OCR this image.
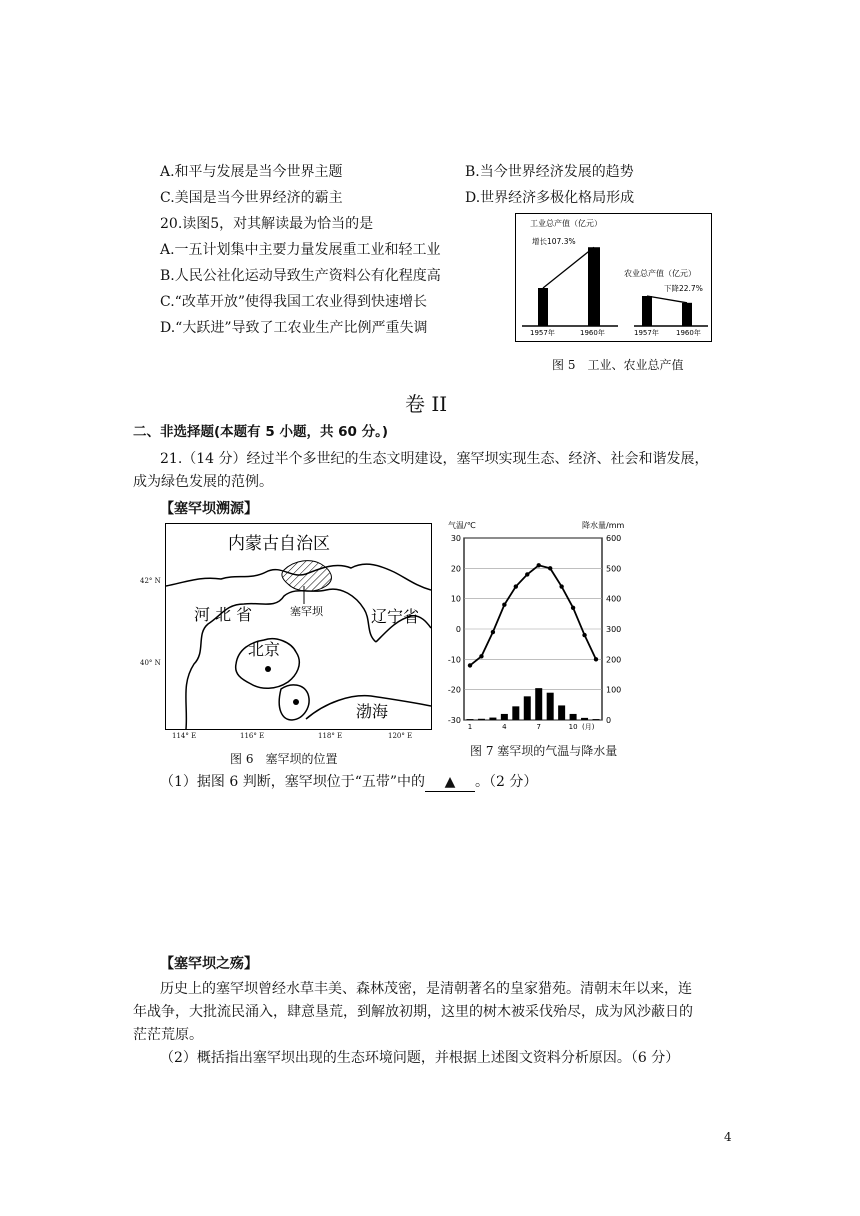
A.和平与发展是当今世界主题	B.当今世界经济发展的趋势
C.美国是当今世界经济的霸主	D.世界经济多极化格局形成
20.读图5，对其解读最为恰当的是
A.一五计划集中主要力量发展重工业和轻工业
B.人民公社化运动导致生产资料公有化程度高
C.“改革开放”使得我国工农业得到快速增长
D.“大跃进”导致了工农业生产比例严重失调
工业总产值（亿元）
增长107.3%
1957年	1960年
农业总产值（亿元）
下降22.7%
1957年 1960年
图 5　工业、农业总产值
卷 II
二、非选择题(本题有 5 小题，共 60 分。)
21.（14 分）经过半个多世纪的生态文明建设，塞罕坝实现生态、经济、社会和谐发展，
成为绿色发展的范例。
【塞罕坝溯源】
内蒙古自治区
河 北 省	辽宁省
北京
渤海
塞罕坝
42° N
40° N
114° E	116° E	118° E	120° E
图 6　塞罕坝的位置
气温/℃	降水量/mm
30
20
10
0
-10
-20
-30
600
500
400
300
200
100
0
1	4	7	10 (月)
图 7 塞罕坝的气温与降水量
（1）据图 6 判断，塞罕坝位于“五带”中的 ▲ 。（2 分）
【塞罕坝之殇】
历史上的塞罕坝曾经水草丰美、森林茂密，是清朝著名的皇家猎苑。清朝末年以来，连
年战争，大批流民涌入，肆意垦荒，到解放初期，这里的树木被采伐殆尽，成为风沙蔽日的
茫茫荒原。
（2）概括指出塞罕坝出现的生态环境问题，并根据上述图文资料分析原因。（6 分）
4
